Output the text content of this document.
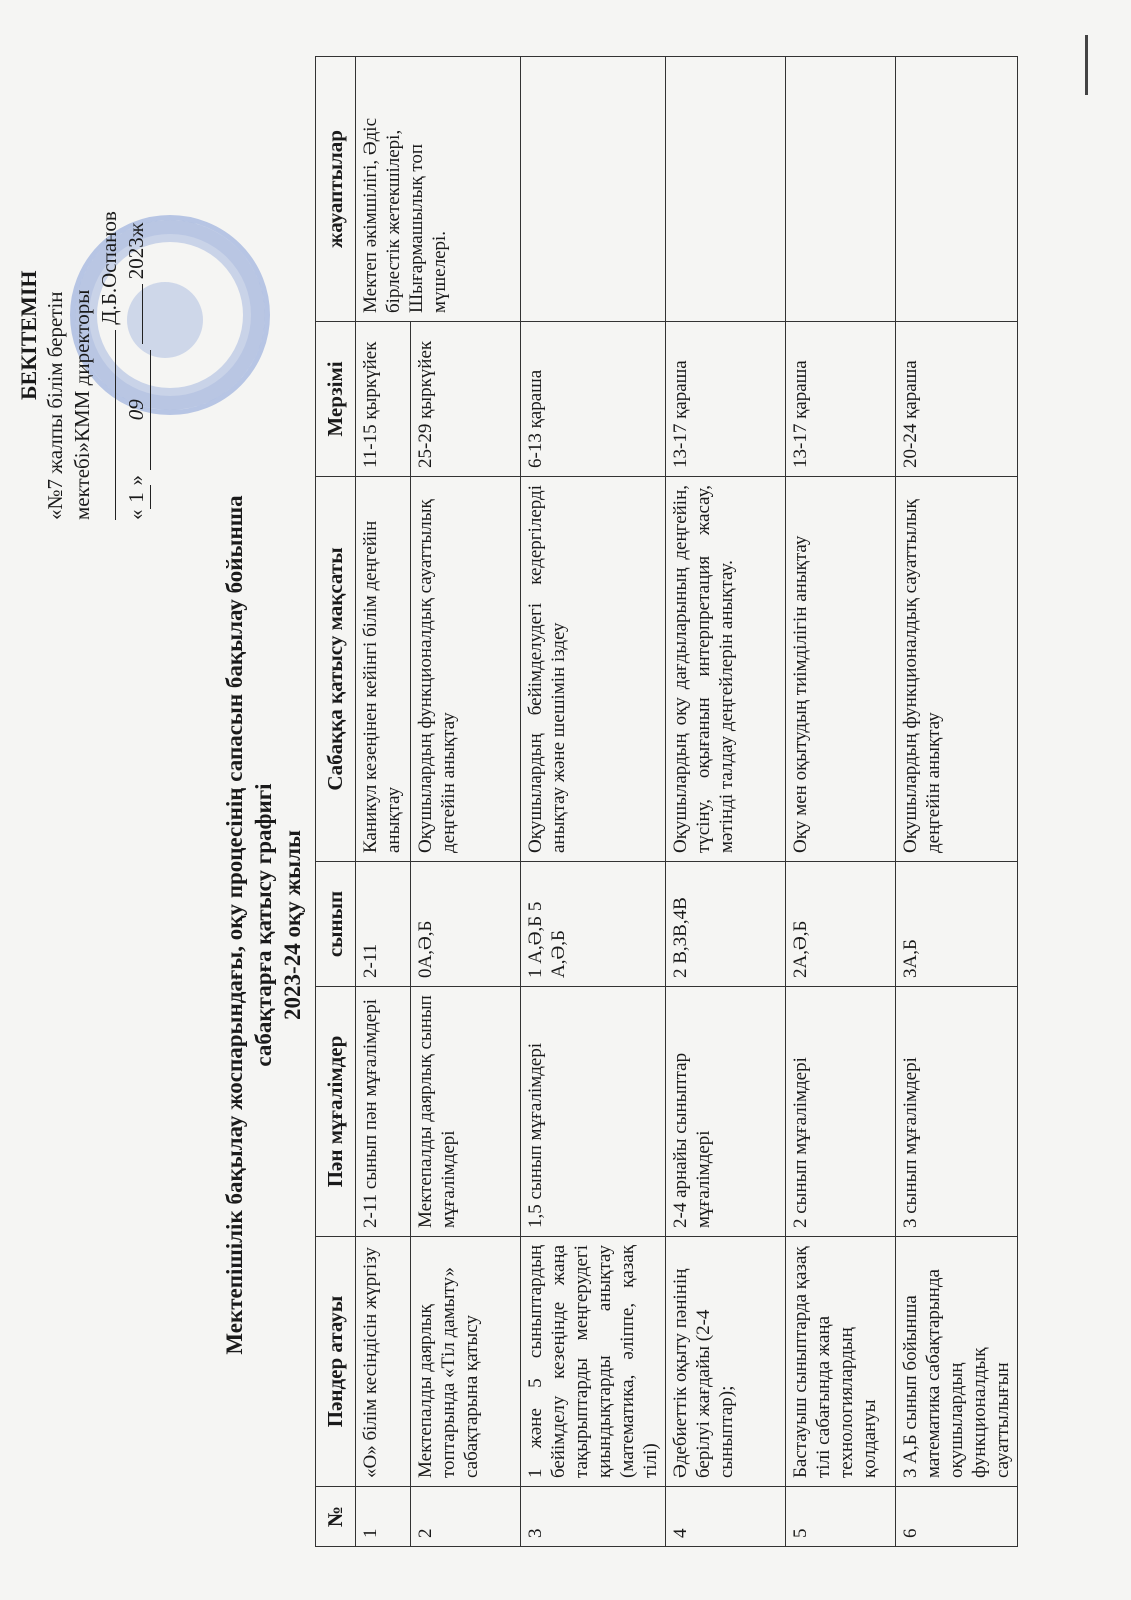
БЕКІТЕМІН «№7 жалпы білім беретін мектебі»КММ директоры
Д.Б.Оспанов
«1» 09  2023ж
Мектепішілік бақылау жоспарындағы, оқу процесінің сапасын бақылау бойынша сабақтарға қатысу графигі 2023-24 оқу жылы
№	Пәндер атауы	Пән мұғалімдер	сынып	Сабаққа қатысу мақсаты	Мерзімі	жауаптылар
1	«О» білім кесіндісін жүргізу	2-11 сынып пән мұғалімдері	2-11	Каникул кезеңінен кейінгі білім деңгейін анықтау	11-15 қыркүйек	Мектеп әкімшілігі, Әдіс бірлестік жетекшілері, Шығармашылық топ мүшелері.
2	Мектепалды даярлық топтарында «Тіл дамыту» сабақтарына қатысу	Мектепалды даярлық сынып мұғалімдері	0А,Ә,Б	Оқушылардың функционалдық сауаттылық деңгейін анықтау	25-29 қыркүйек	
3	1 және 5 сыныптардың бейімделу кезеңінде жаңа тақырыптарды меңгерудегі қиындықтарды анықтау (математика, әліппе, қазақ тілі)	1,5 сынып мұғалімдері	1 А,Ә,Б 5 А,Ә,Б	Оқушылардың бейімделудегі кедергілерді анықтау және шешімін іздеу	6-13 қараша	
4	Әдебиеттік оқыту пәнінің берілуі жағдайы (2-4 сыныптар);	2-4 арнайы сыныптар мұғалімдері	2 В,3В,4В	Оқушылардың оқу дағдыларының деңгейін, түсіну, оқығанын интерпретация жасау, мәтінді талдау деңгейлерін анықтау.	13-17 қараша	
5	Бастауыш сыныптарда қазақ тілі сабағында жаңа технологиялардың қолдануы	2 сынып мұғалімдері	2А,Ә,Б	Оқу мен оқытудың тиімділігін анықтау	13-17 қараша	
6	3 А,Б сынып бойынша математика сабақтарында оқушылардың функционалдық сауаттылығын	3 сынып мұғалімдері	3А,Б	Оқушылардың функционалдық сауаттылық деңгейін анықтау	20-24 қараша	
